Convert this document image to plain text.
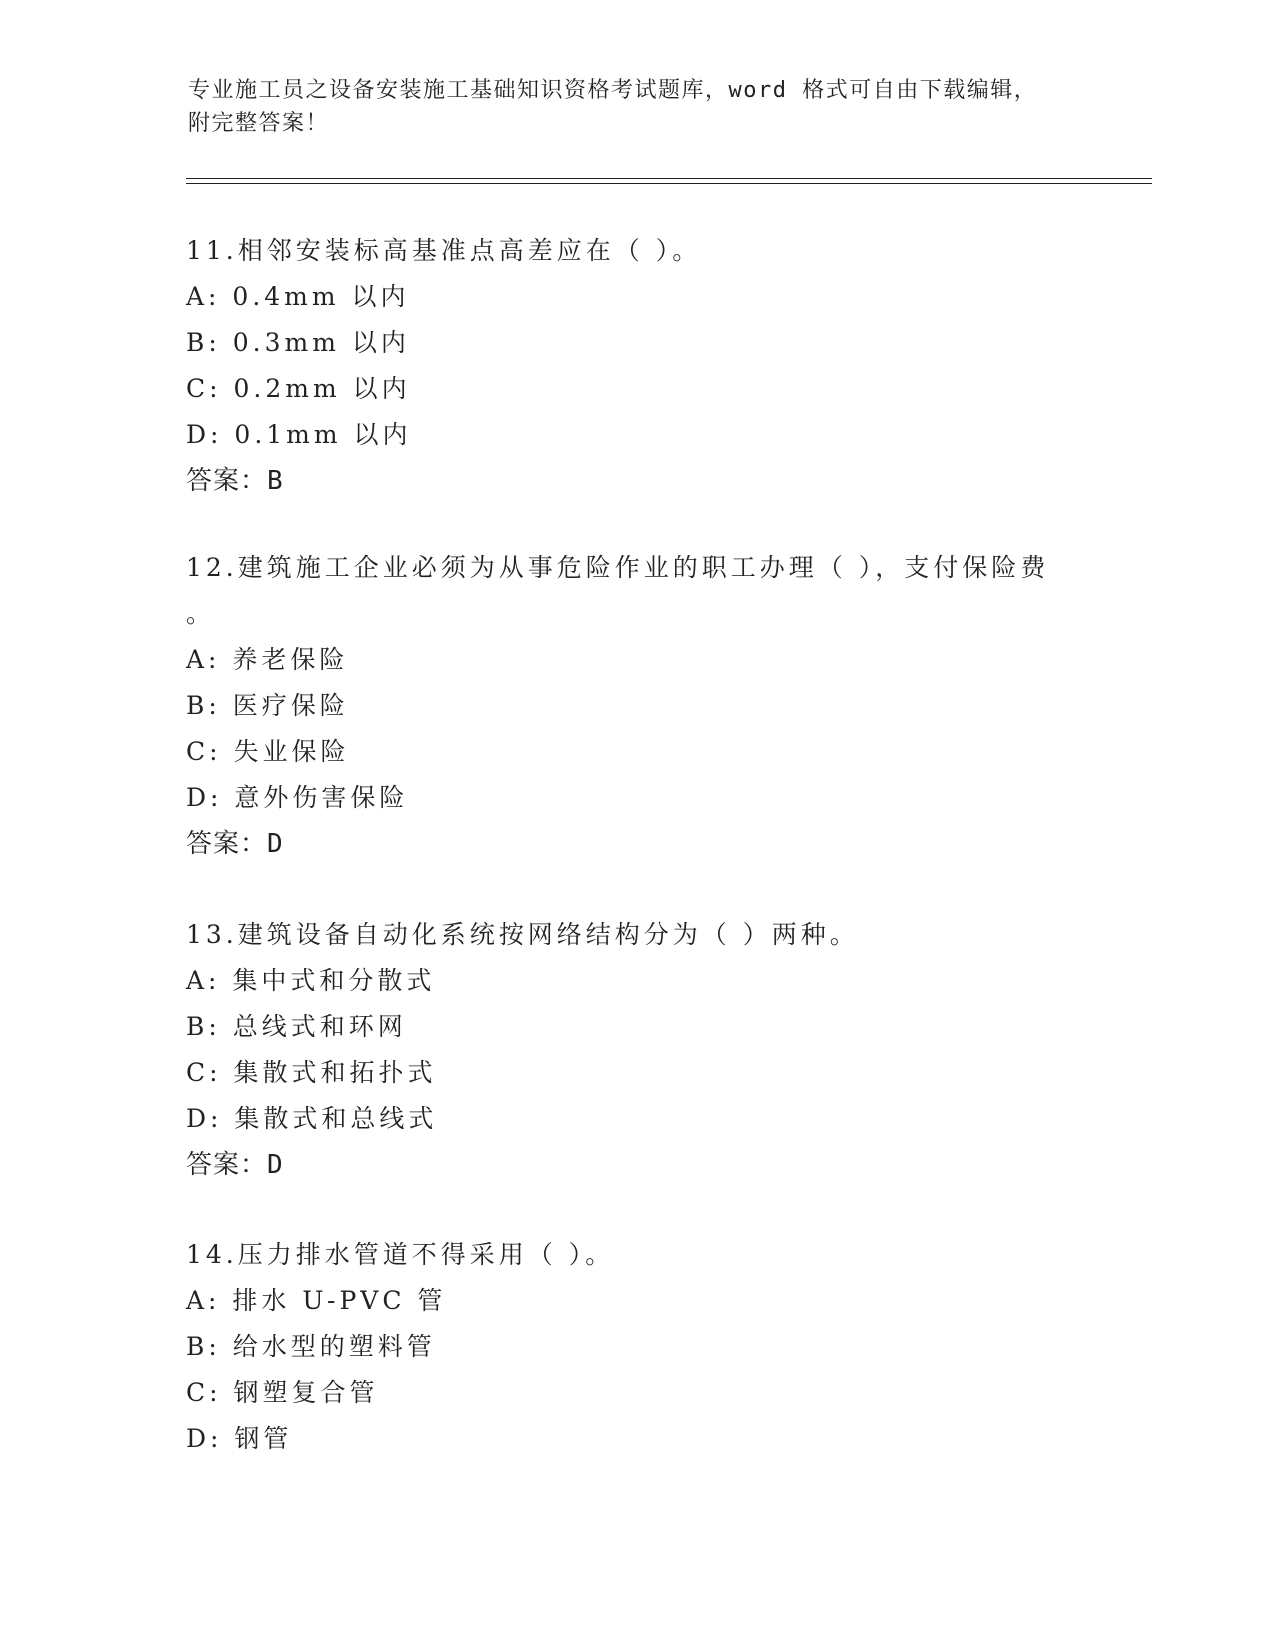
专业施工员之设备安装施工基础知识资格考试题库，word 格式可自由下载编辑，
附完整答案！
11.相邻安装标高基准点高差应在（ ）。
A: 0.4mm 以内
B: 0.3mm 以内
C: 0.2mm 以内
D: 0.1mm 以内
答案：B
12.建筑施工企业必须为从事危险作业的职工办理（ ），支付保险费
。
A: 养老保险
B: 医疗保险
C: 失业保险
D: 意外伤害保险
答案：D
13.建筑设备自动化系统按网络结构分为（ ）两种。
A: 集中式和分散式
B: 总线式和环网
C: 集散式和拓扑式
D: 集散式和总线式
答案：D
14.压力排水管道不得采用（ ）。
A: 排水 U-PVC 管
B: 给水型的塑料管
C: 钢塑复合管
D: 钢管
